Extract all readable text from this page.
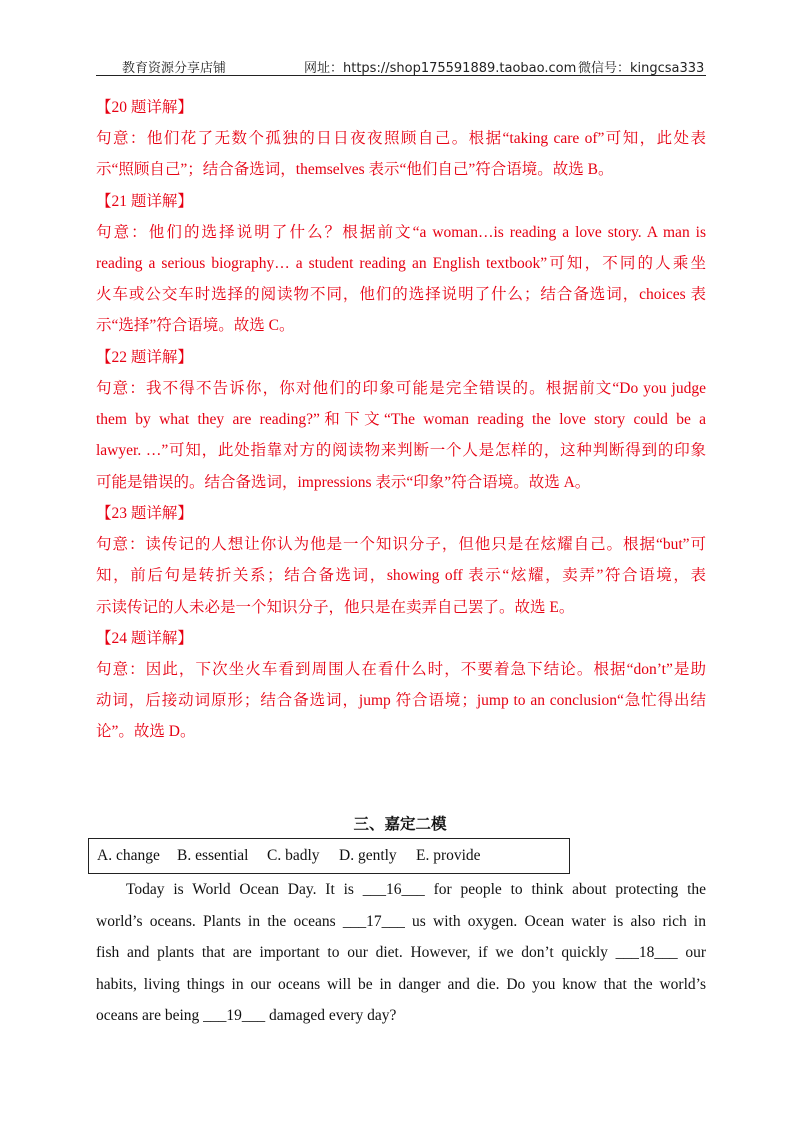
教育资源分享店铺	网址：https://shop175591889.taobao.com 微信号：kingcsa333
【20 题详解】
句意：他们花了无数个孤独的日日夜夜照顾自己。根据“taking care of”可知，此处表
示“照顾自己”；结合备选词，themselves 表示“他们自己”符合语境。故选 B。
【21 题详解】
句意：他们的选择说明了什么？根据前文“a woman…is reading a love story. A man is
reading a serious biography… a student reading an English textbook”可知，不同的人乘坐
火车或公交车时选择的阅读物不同，他们的选择说明了什么；结合备选词，choices 表
示“选择”符合语境。故选 C。
【22 题详解】
句意：我不得不告诉你，你对他们的印象可能是完全错误的。根据前文“Do you judge
them by what they are reading?”和下文“The woman reading the love story could be a
lawyer. …”可知，此处指靠对方的阅读物来判断一个人是怎样的，这种判断得到的印象
可能是错误的。结合备选词，impressions 表示“印象”符合语境。故选 A。
【23 题详解】
句意：读传记的人想让你认为他是一个知识分子，但他只是在炫耀自己。根据“but”可
知，前后句是转折关系；结合备选词，showing off 表示“炫耀，卖弄”符合语境，表
示读传记的人未必是一个知识分子，他只是在卖弄自己罢了。故选 E。
【24 题详解】
句意：因此，下次坐火车看到周围人在看什么时，不要着急下结论。根据“don’t”是助
动词，后接动词原形；结合备选词，jump 符合语境；jump to an conclusion“急忙得出结
论”。故选 D。
三、嘉定二模
A. change B. essential C. badly D. gently E. provide
Today is World Ocean Day. It is ___16___ for people to think about protecting the
world’s oceans. Plants in the oceans ___17___ us with oxygen. Ocean water is also rich in
fish and plants that are important to our diet. However, if we don’t quickly ___18___ our
habits, living things in our oceans will be in danger and die. Do you know that the world’s
oceans are being ___19___ damaged every day?
